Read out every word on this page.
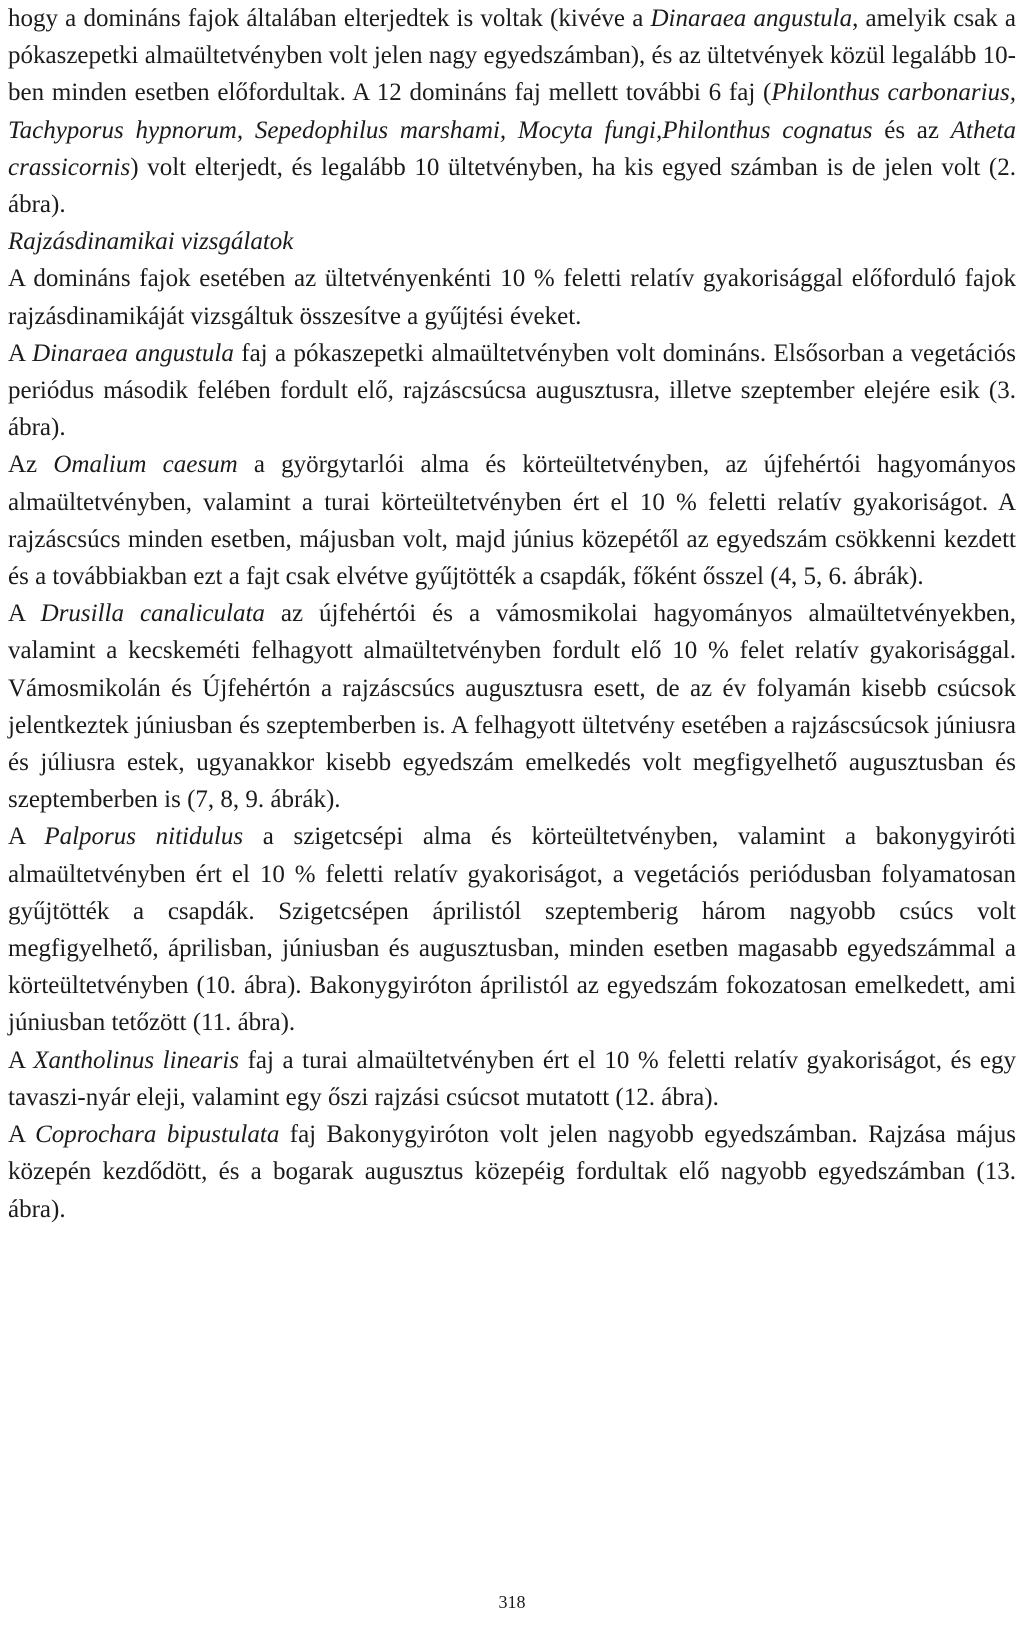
hogy a domináns fajok általában elterjedtek is voltak (kivéve a Dinaraea angustula, amelyik csak a pókaszepetki almaültetvényben volt jelen nagy egyedszámban), és az ültetvények közül legalább 10-ben minden esetben előfordultak. A 12 domináns faj mellett további 6 faj (Philonthus carbonarius, Tachyporus hypnorum, Sepedophilus marshami, Mocyta fungi,Philonthus cognatus és az Atheta crassicornis) volt elterjedt, és legalább 10 ültetvényben, ha kis egyed számban is de jelen volt (2. ábra).

Rajzásdinamikai vizsgálatok

A domináns fajok esetében az ültetvényenkénti 10 % feletti relatív gyakorisággal előforduló fajok rajzásdinamikáját vizsgáltuk összesítve a gyűjtési éveket.

A Dinaraea angustula faj a pókaszepetki almaültetvényben volt domináns. Elsősorban a vegetációs periódus második felében fordult elő, rajzáscsúcsa augusztusra, illetve szeptember elejére esik (3. ábra).

Az Omalium caesum a györgytarlói alma és körteültetvényben, az újfehértói hagyományos almaültetvényben, valamint a turai körteültetvényben ért el 10 % feletti relatív gyakoriságot. A rajzáscsúcs minden esetben, májusban volt, majd június közepétől az egyedszám csökkenni kezdett és a továbbiakban ezt a fajt csak elvétve gyűjtötték a csapdák, főként ősszel (4, 5, 6. ábrák).

A Drusilla canaliculata az újfehértói és a vámosmikolai hagyományos almaültetvényekben, valamint a kecskeméti felhagyott almaültetvényben fordult elő 10 % felet relatív gyakorisággal. Vámosmikolán és Újfehértón a rajzáscsúcs augusztusra esett, de az év folyamán kisebb csúcsok jelentkeztek júniusban és szeptemberben is. A felhagyott ültetvény esetében a rajzáscsúcsok júniusra és júliusra estek, ugyanakkor kisebb egyedszám emelkedés volt megfigyelhető augusztusban és szeptemberben is (7, 8, 9. ábrák).

A Palporus nitidulus a szigetcsépi alma és körteültetvényben, valamint a bakonygyiróti almaültetvényben ért el 10 % feletti relatív gyakoriságot, a vegetációs periódusban folyamatosan gyűjtötték a csapdák. Szigetcsépen áprilistól szeptemberig három nagyobb csúcs volt megfigyelhető, áprilisban, júniusban és augusztusban, minden esetben magasabb egyedszámmal a körteültetvényben (10. ábra). Bakonygyiróton áprilistól az egyedszám fokozatosan emelkedett, ami júniusban tetőzött (11. ábra).

A Xantholinus linearis faj a turai almaültetvényben ért el 10 % feletti relatív gyakoriságot, és egy tavaszi-nyár eleji, valamint egy őszi rajzási csúcsot mutatott (12. ábra).

A Coprochara bipustulata faj Bakonygyiróton volt jelen nagyobb egyedszámban. Rajzása május közepén kezdődött, és a bogarak augusztus közepéig fordultak elő nagyobb egyedszámban (13. ábra).

318
